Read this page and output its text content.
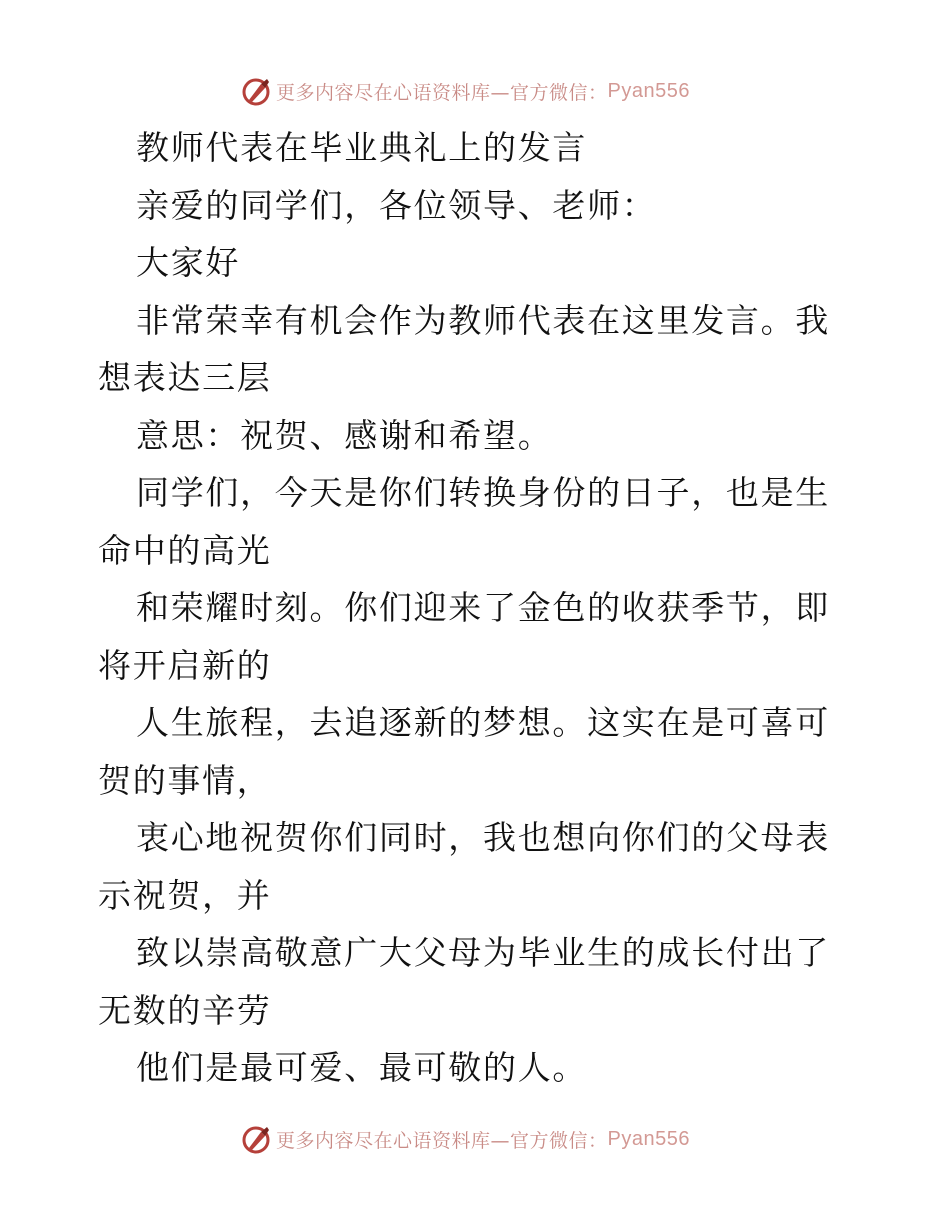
更多内容尽在心语资料库—官方微信： Pyan556

教师代表在毕业典礼上的发言

亲爱的同学们，各位领导、老师：

大家好

非常荣幸有机会作为教师代表在这里发言。我想表达三层

意思：祝贺、感谢和希望。

同学们，今天是你们转换身份的日子，也是生命中的高光

和荣耀时刻。你们迎来了金色的收获季节，即将开启新的

人生旅程，去追逐新的梦想。这实在是可喜可贺的事情，

衷心地祝贺你们同时，我也想向你们的父母表示祝贺，并

致以崇高敬意广大父母为毕业生的成长付出了无数的辛劳

他们是最可爱、最可敬的人。

更多内容尽在心语资料库—官方微信： Pyan556
